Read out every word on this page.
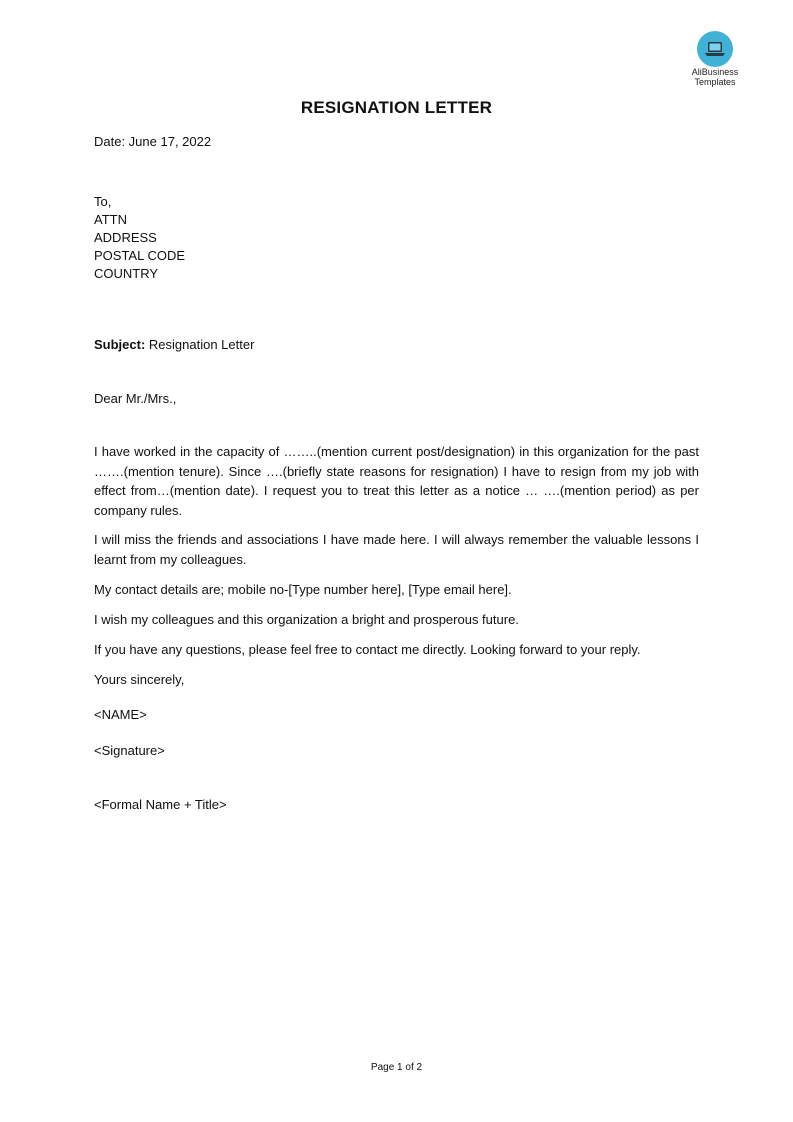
AliBusiness
Templates
RESIGNATION LETTER
Date: June 17, 2022
To,
ATTN
ADDRESS
POSTAL CODE
COUNTRY
Subject: Resignation Letter
Dear Mr./Mrs.,
I have worked in the capacity of ……..(mention current post/designation) in this organization for the past …….(mention tenure). Since ….(briefly state reasons for resignation) I have to resign from my job with effect from…(mention date). I request you to treat this letter as a notice … ….(mention period) as per company rules.
I will miss the friends and associations I have made here. I will always remember the valuable lessons I learnt from my colleagues.
My contact details are; mobile no-[Type number here], [Type email here].
I wish my colleagues and this organization a bright and prosperous future.
If you have any questions, please feel free to contact me directly. Looking forward to your reply.
Yours sincerely,
<NAME>
<Signature>
<Formal Name + Title>
Page 1 of 2
